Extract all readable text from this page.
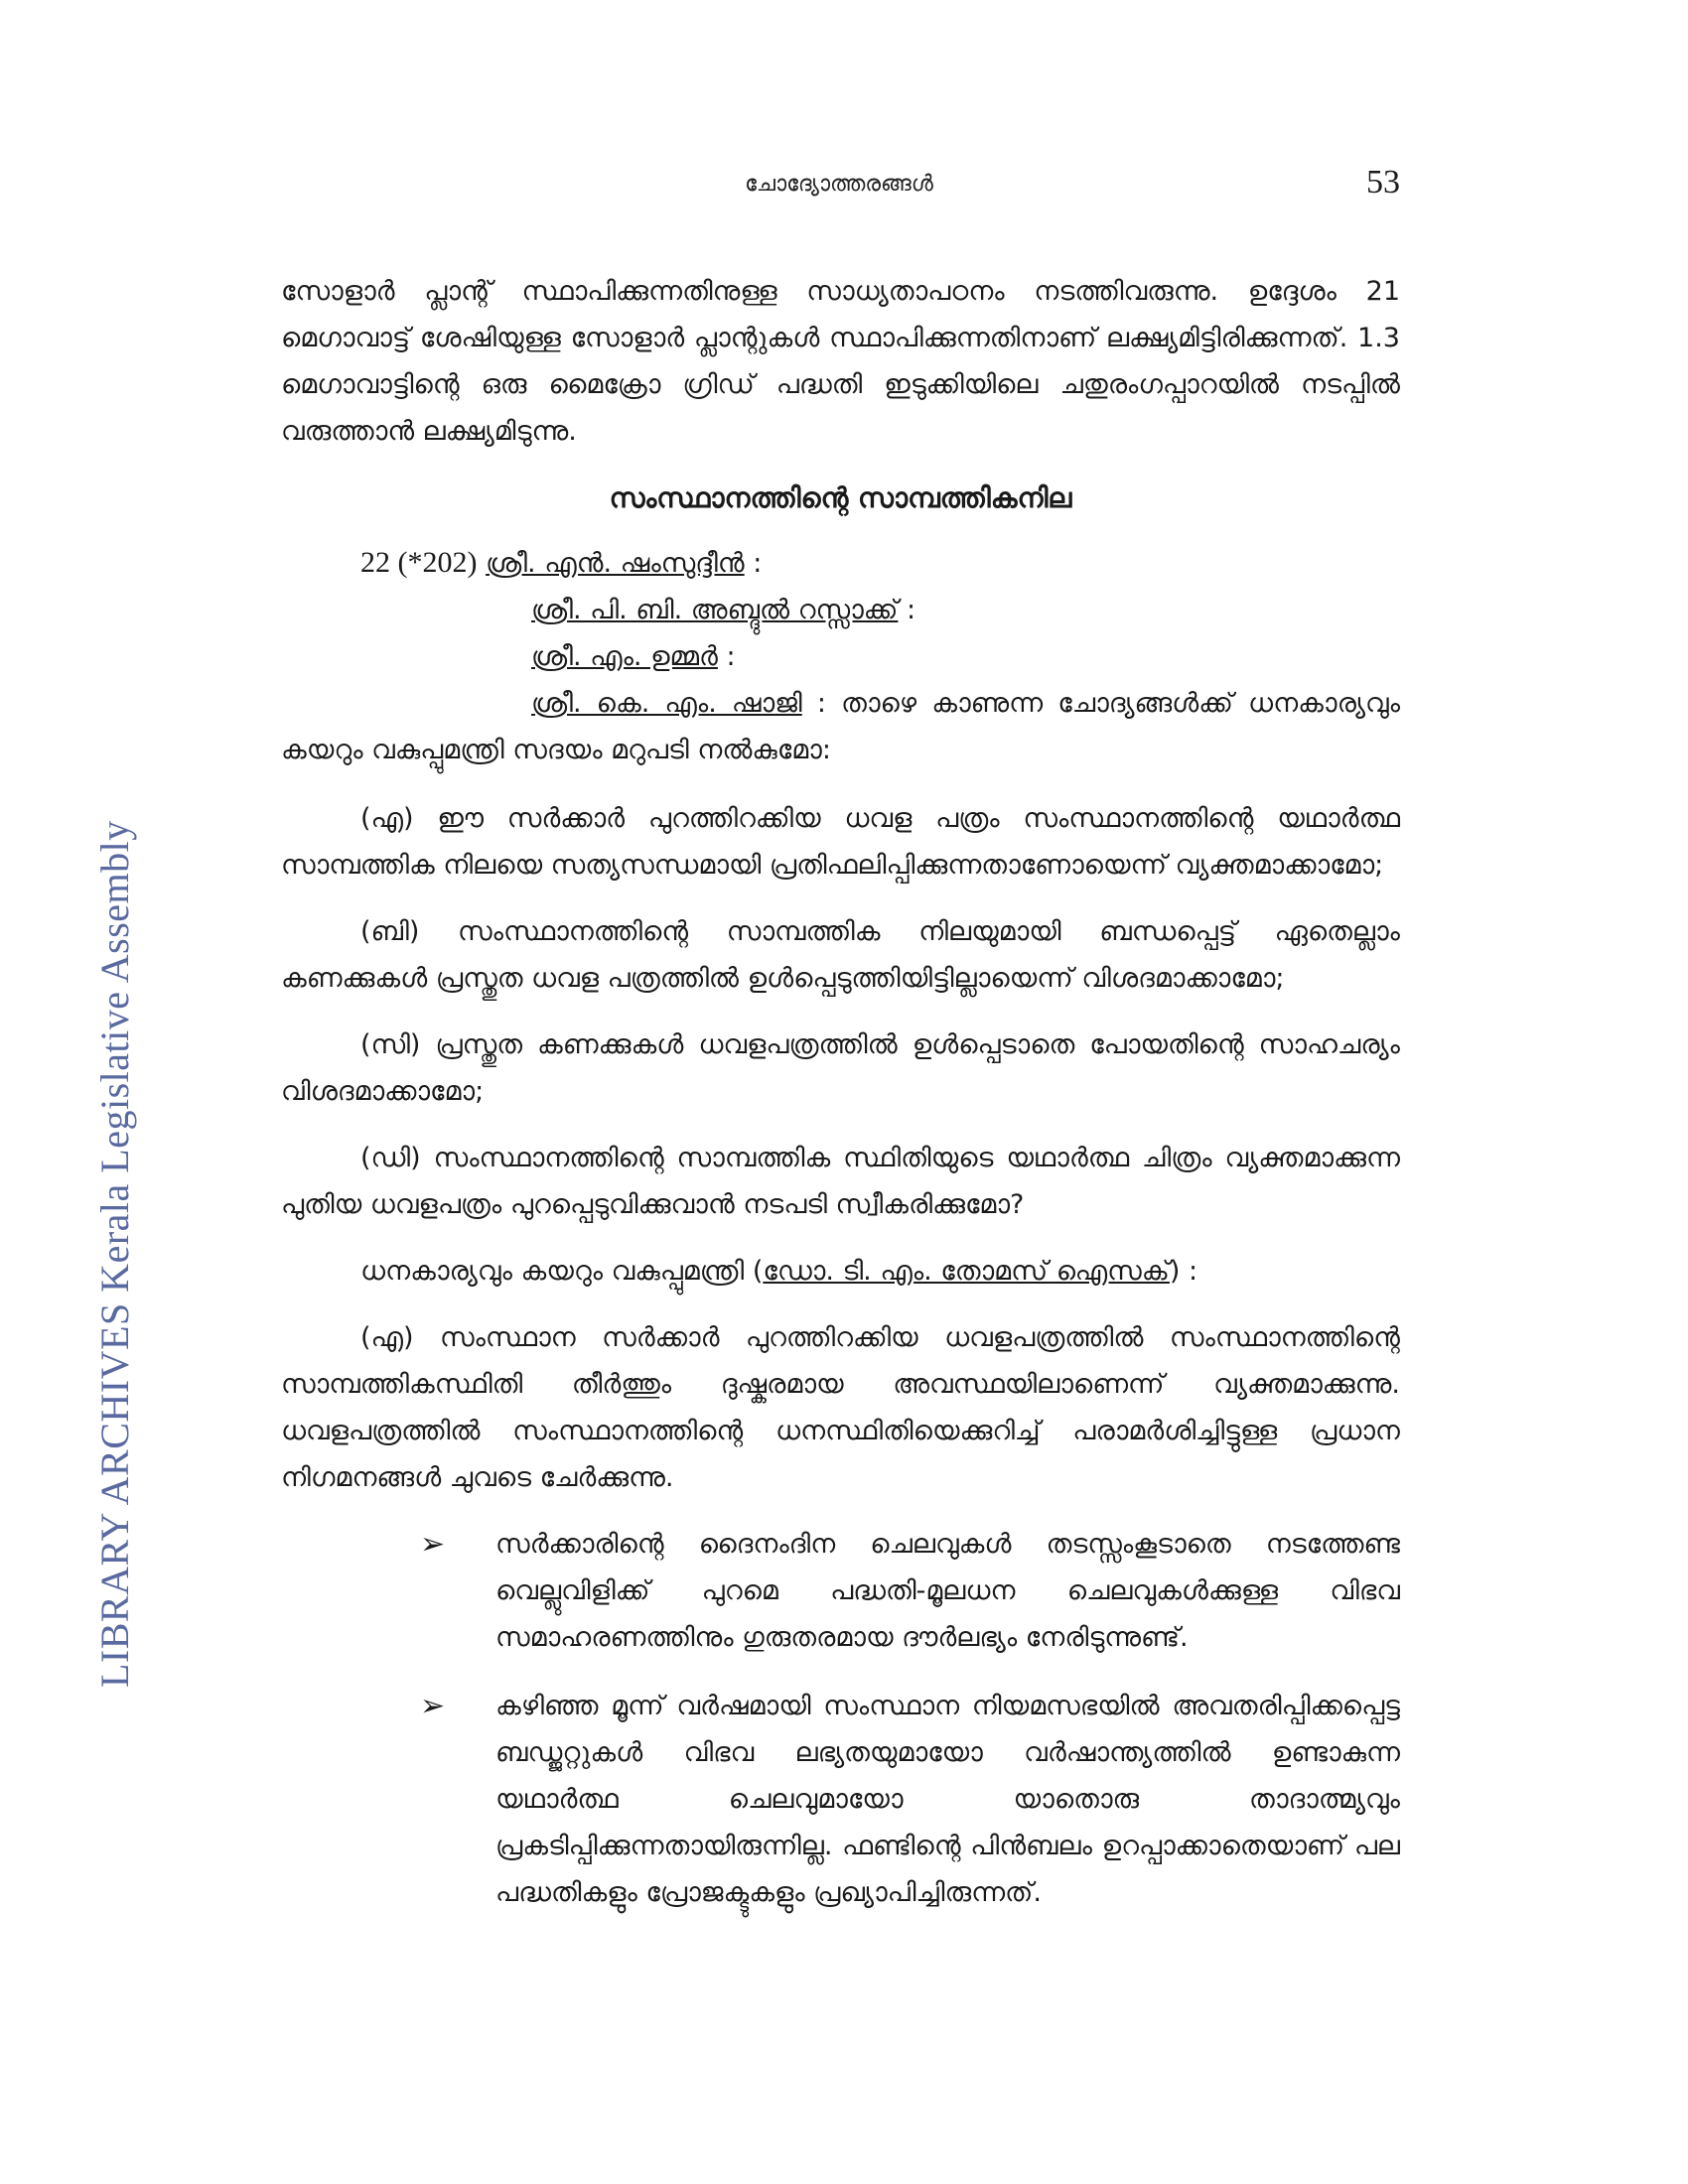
LIBRARY ARCHIVES Kerala Legislative Assembly
ചോദ്യോത്തരങ്ങൾ	53

സോളാർ പ്ലാന്റ് സ്ഥാപിക്കുന്നതിനുള്ള സാധ്യതാപഠനം നടത്തിവരുന്നു. ഉദ്ദേശം 21 മെഗാവാട്ട് ശേഷിയുള്ള സോളാർ പ്ലാന്റുകൾ സ്ഥാപിക്കുന്നതിനാണ് ലക്ഷ്യമിട്ടിരിക്കുന്നത്. 1.3 മെഗാവാട്ടിന്റെ ഒരു മൈക്രോ ഗ്രിഡ് പദ്ധതി ഇടുക്കിയിലെ ചതുരംഗപ്പാറയിൽ നടപ്പിൽ വരുത്താൻ ലക്ഷ്യമിടുന്നു.

സംസ്ഥാനത്തിന്റെ സാമ്പത്തികനില
22 (*202) ശ്രീ. എൻ. ഷംസുദ്ദീൻ :
ശ്രീ. പി. ബി. അബ്ദുൽ റസ്സാക്ക് :
ശ്രീ. എം. ഉമ്മർ :

ശ്രീ. കെ. എം. ഷാജി : താഴെ കാണുന്ന ചോദ്യങ്ങൾക്ക് ധനകാര്യവും കയറും വകുപ്പുമന്ത്രി സദയം മറുപടി നൽകുമോ:

(എ) ഈ സർക്കാർ പുറത്തിറക്കിയ ധവള പത്രം സംസ്ഥാനത്തിന്റെ യഥാർത്ഥ സാമ്പത്തിക നിലയെ സത്യസന്ധമായി പ്രതിഫലിപ്പിക്കുന്നതാണോയെന്ന് വ്യക്തമാക്കാമോ;

(ബി) സംസ്ഥാനത്തിന്റെ സാമ്പത്തിക നിലയുമായി ബന്ധപ്പെട്ട് ഏതെല്ലാം കണക്കുകൾ പ്രസ്തുത ധവള പത്രത്തിൽ ഉൾപ്പെടുത്തിയിട്ടില്ലായെന്ന് വിശദമാക്കാമോ;

(സി) പ്രസ്തുത കണക്കുകൾ ധവളപത്രത്തിൽ ഉൾപ്പെടാതെ പോയതിന്റെ സാഹചര്യം വിശദമാക്കാമോ;

(ഡി) സംസ്ഥാനത്തിന്റെ സാമ്പത്തിക സ്ഥിതിയുടെ യഥാർത്ഥ ചിത്രം വ്യക്തമാക്കുന്ന പുതിയ ധവളപത്രം പുറപ്പെടുവിക്കുവാൻ നടപടി സ്വീകരിക്കുമോ?

ധനകാര്യവും കയറും വകുപ്പുമന്ത്രി (ഡോ. ടി. എം. തോമസ് ഐസക്) :

(എ) സംസ്ഥാന സർക്കാർ പുറത്തിറക്കിയ ധവളപത്രത്തിൽ സംസ്ഥാനത്തിന്റെ സാമ്പത്തികസ്ഥിതി തീർത്തും ദുഷ്കരമായ അവസ്ഥയിലാണെന്ന് വ്യക്തമാക്കുന്നു. ധവളപത്രത്തിൽ സംസ്ഥാനത്തിന്റെ ധനസ്ഥിതിയെക്കുറിച്ച് പരാമർശിച്ചിട്ടുള്ള പ്രധാന നിഗമനങ്ങൾ ചുവടെ ചേർക്കുന്നു.

➢ സർക്കാരിന്റെ ദൈനംദിന ചെലവുകൾ തടസ്സംകൂടാതെ നടത്തേണ്ട വെല്ലുവിളിക്ക് പുറമെ പദ്ധതി-മൂലധന ചെലവുകൾക്കുള്ള വിഭവ സമാഹരണത്തിനും ഗുരുതരമായ ദൗർലഭ്യം നേരിടുന്നുണ്ട്.
➢ കഴിഞ്ഞ മൂന്ന് വർഷമായി സംസ്ഥാന നിയമസഭയിൽ അവതരിപ്പിക്കപ്പെട്ട ബഡ്ജറ്റുകൾ വിഭവ ലഭ്യതയുമായോ വർഷാന്ത്യത്തിൽ ഉണ്ടാകുന്ന യഥാർത്ഥ ചെലവുമായോ യാതൊരു താദാത്മ്യവും പ്രകടിപ്പിക്കുന്നതായിരുന്നില്ല. ഫണ്ടിന്റെ പിൻബലം ഉറപ്പാക്കാതെയാണ് പല പദ്ധതികളും പ്രോജക്ടുകളും പ്രഖ്യാപിച്ചിരുന്നത്.
